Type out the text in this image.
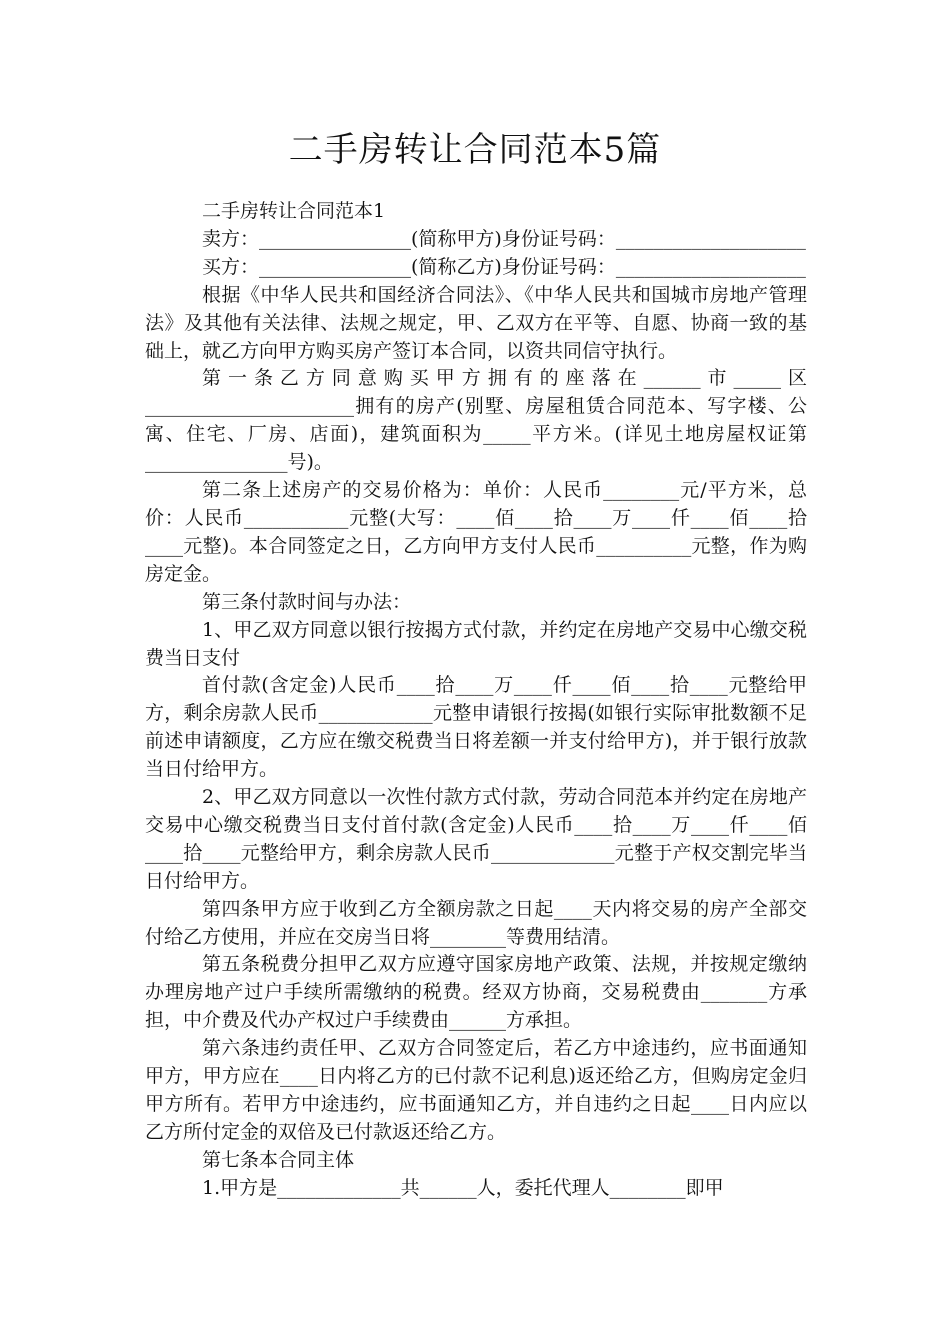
二手房转让合同范本5篇

二手房转让合同范本1

卖方：________________(简称甲方)身份证号码：____________________

买方：________________(简称乙方)身份证号码：____________________

根据《中华人民共和国经济合同法》、《中华人民共和国城市房地产管理法》及其他有关法律、法规之规定，甲、乙双方在平等、自愿、协商一致的基础上，就乙方向甲方购买房产签订本合同，以资共同信守执行。

第一条乙方同意购买甲方拥有的座落在______市_____区______________________拥有的房产(别墅、房屋租赁合同范本、写字楼、公寓、住宅、厂房、店面)，建筑面积为_____平方米。(详见土地房屋权证第_______________号)。

第二条上述房产的交易价格为：单价：人民币________元/平方米，总价：人民币___________元整(大写：____佰____拾____万____仟____佰____拾____元整)。本合同签定之日，乙方向甲方支付人民币__________元整，作为购房定金。

第三条付款时间与办法：

1、甲乙双方同意以银行按揭方式付款，并约定在房地产交易中心缴交税费当日支付

首付款(含定金)人民币____拾____万____仟____佰____拾____元整给甲方，剩余房款人民币____________元整申请银行按揭(如银行实际审批数额不足前述申请额度，乙方应在缴交税费当日将差额一并支付给甲方)，并于银行放款当日付给甲方。

2、甲乙双方同意以一次性付款方式付款，劳动合同范本并约定在房地产交易中心缴交税费当日支付首付款(含定金)人民币____拾____万____仟____佰____拾____元整给甲方，剩余房款人民币_____________元整于产权交割完毕当日付给甲方。

第四条甲方应于收到乙方全额房款之日起____天内将交易的房产全部交付给乙方使用，并应在交房当日将________等费用结清。

第五条税费分担甲乙双方应遵守国家房地产政策、法规，并按规定缴纳办理房地产过户手续所需缴纳的税费。经双方协商，交易税费由_______方承担，中介费及代办产权过户手续费由______方承担。

第六条违约责任甲、乙双方合同签定后，若乙方中途违约，应书面通知甲方，甲方应在____日内将乙方的已付款不记利息)返还给乙方，但购房定金归甲方所有。若甲方中途违约，应书面通知乙方，并自违约之日起____日内应以乙方所付定金的双倍及已付款返还给乙方。

第七条本合同主体

1.甲方是_____________共______人，委托代理人________即甲
